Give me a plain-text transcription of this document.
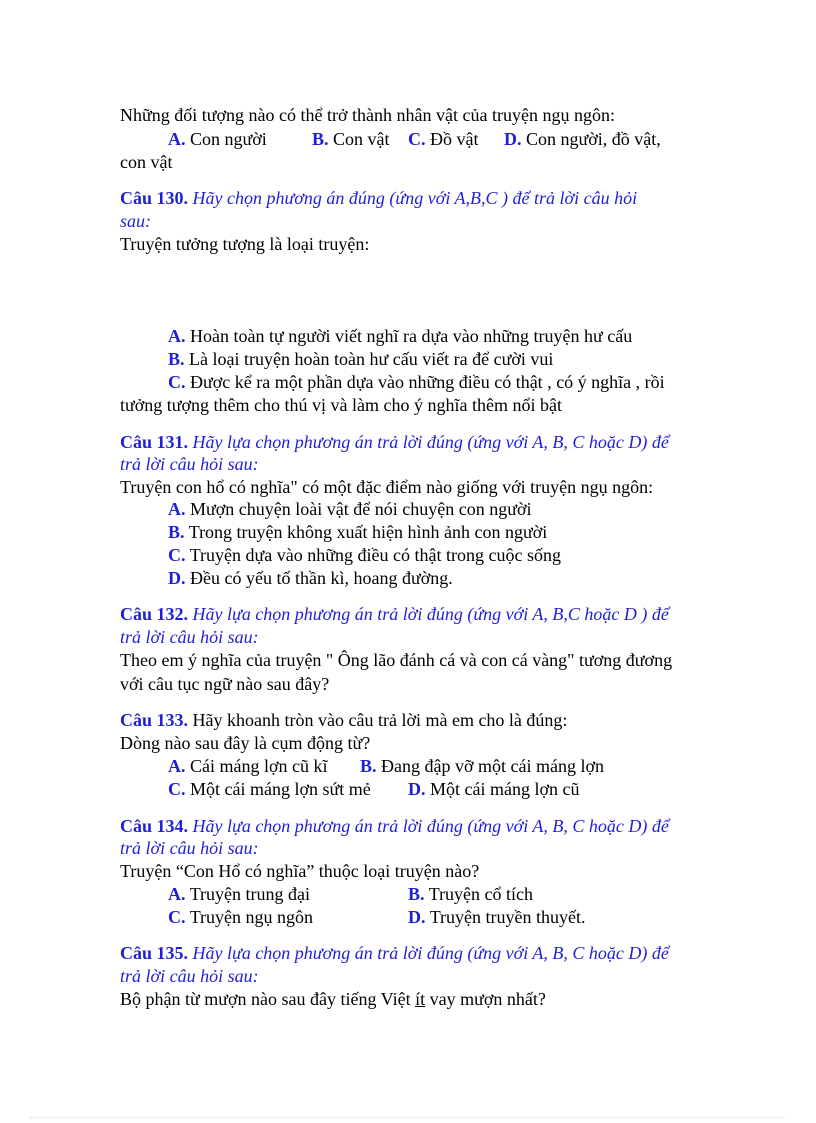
Những đối tượng nào có thể trở thành nhân vật của truyện ngụ ngôn:
A. Con người	B. Con vật C. Đồ vật D. Con người, đồ vật,
con vật
Câu 130. Hãy chọn phương án đúng (ứng với A,B,C ) để trả lời câu hỏi
sau:
Truyện tưởng tượng là loại truyện:
A. Hoàn toàn tự người viết nghĩ ra dựa vào những truyện hư cấu
B. Là loại truyện hoàn toàn hư cấu viết ra để cười vui
C. Được kể ra một phần dựa vào những điều có thật , có ý nghĩa , rồi
tưởng tượng thêm cho thú vị và làm cho ý nghĩa thêm nổi bật
Câu 131. Hãy lựa chọn phương án trả lời đúng (ứng với A, B, C hoặc D) để
trả lời câu hỏi sau:
Truyện con hổ có nghĩa" có một đặc điểm nào giống với truyện ngụ ngôn:
A. Mượn chuyện loài vật để nói chuyện con người
B. Trong truyện không xuất hiện hình ảnh con người
C. Truyện dựa vào những điều có thật trong cuộc sống
D. Đều có yếu tố thần kì, hoang đường.
Câu 132. Hãy lựa chọn phương án trả lời đúng (ứng với A, B,C hoặc D ) để
trả lời câu hỏi sau:
Theo em ý nghĩa của truyện " Ông lão đánh cá và con cá vàng" tương đương
với câu tục ngữ nào sau đây?
Câu 133. Hãy khoanh tròn vào câu trả lời mà em cho là đúng:
Dòng nào sau đây là cụm động từ?
A. Cái máng lợn cũ kĩ B. Đang đập vỡ một cái máng lợn
C. Một cái máng lợn sứt mẻ D. Một cái máng lợn cũ
Câu 134. Hãy lựa chọn phương án trả lời đúng (ứng với A, B, C hoặc D) để
trả lời câu hỏi sau:
Truyện “Con Hổ có nghĩa” thuộc loại truyện nào?
A. Truyện trung đại	B. Truyện cổ tích
C. Truyện ngụ ngôn	D. Truyện truyền thuyết.
Câu 135. Hãy lựa chọn phương án trả lời đúng (ứng với A, B, C hoặc D) để
trả lời câu hỏi sau:
Bộ phận từ mượn nào sau đây tiếng Việt ít vay mượn nhất?
